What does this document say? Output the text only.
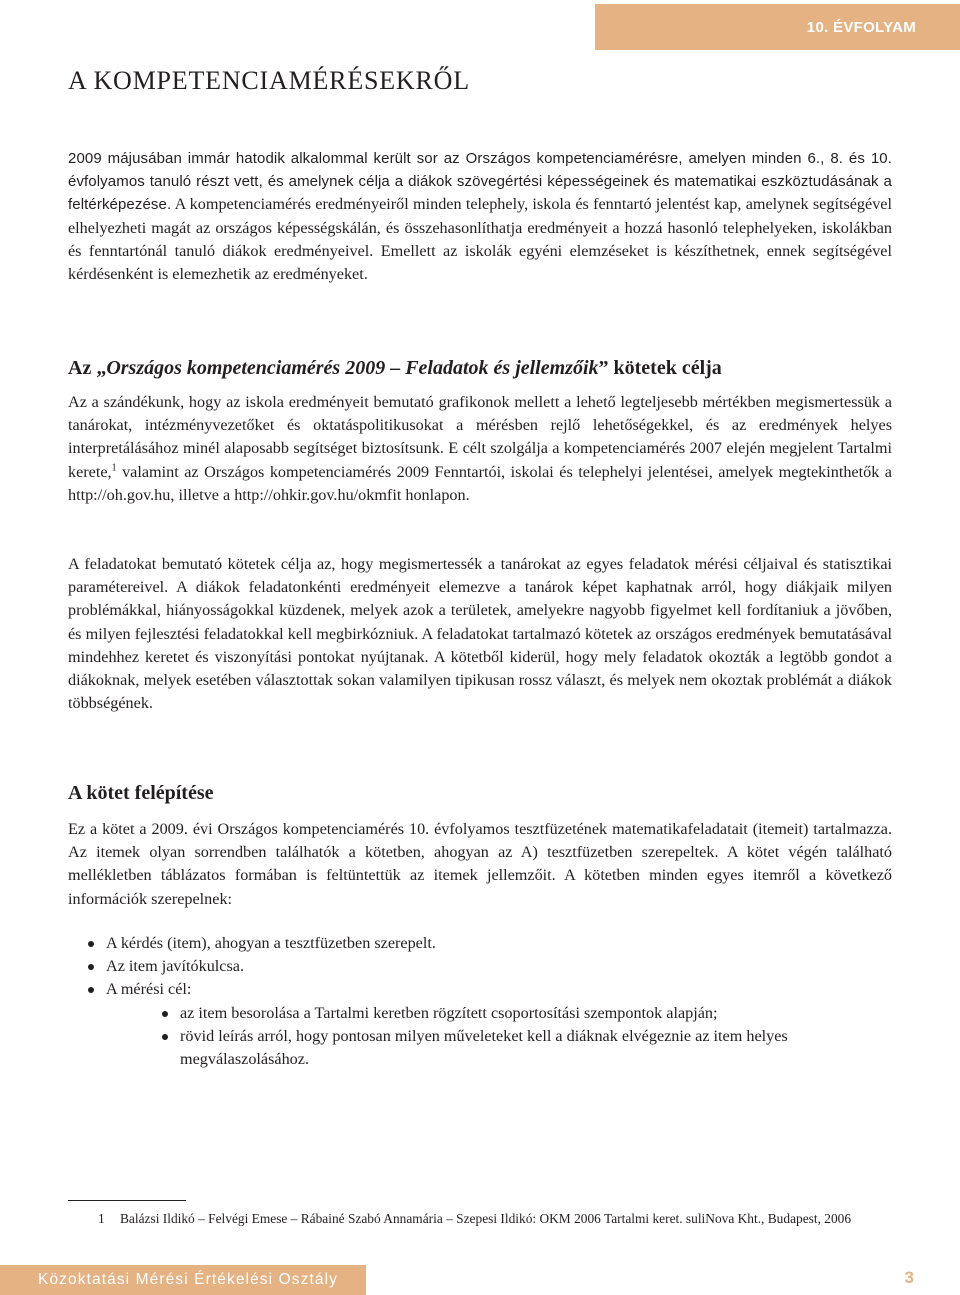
10. ÉVFOLYAM
A KOMPETENCIAMÉRÉSEKRŐL

2009 májusában immár hatodik alkalommal került sor az Országos kompetenciamérésre, amelyen minden 6., 8. és 10. évfolyamos tanuló részt vett, és amelynek célja a diákok szövegértési képességeinek és matematikai eszköztudásának a feltérképezése. A kompetenciamérés eredményeiről minden telephely, iskola és fenntartó jelentést kap, amelynek segítségével elhelyezheti magát az országos képességskálán, és összehasonlíthatja eredményeit a hozzá hasonló telephelyeken, iskolákban és fenntartónál tanuló diákok eredményeivel. Emellett az iskolák egyéni elemzéseket is készíthetnek, ennek segítségével kérdésenként is elemezhetik az eredményeket.

Az „Országos kompetenciamérés 2009 – Feladatok és jellemzőik” kötetek célja

Az a szándékunk, hogy az iskola eredményeit bemutató grafikonok mellett a lehető legteljesebb mértékben megismertessük a tanárokat, intézményvezetőket és oktatáspolitikusokat a mérésben rejlő lehetőségekkel, és az eredmények helyes interpretálásához minél alaposabb segítséget biztosítsunk. E célt szolgálja a kompetenciamérés 2007 elején megjelent Tartalmi kerete,$^1$ valamint az Országos kompetenciamérés 2009 Fenntartói, iskolai és telephelyi jelentései, amelyek megtekinthetők a http://oh.gov.hu, illetve a http://ohkir.gov.hu/okmfit honlapon.

A feladatokat bemutató kötetek célja az, hogy megismertessék a tanárokat az egyes feladatok mérési céljaival és statisztikai paramétereivel. A diákok feladatonkénti eredményeit elemezve a tanárok képet kaphatnak arról, hogy diákjaik milyen problémákkal, hiányosságokkal küzdenek, melyek azok a területek, amelyekre nagyobb figyelmet kell fordítaniuk a jövőben, és milyen fejlesztési feladatokkal kell megbirkózniuk. A feladatokat tartalmazó kötetek az országos eredmények bemutatásával mindehhez keretet és viszonyítási pontokat nyújtanak. A kötetből kiderül, hogy mely feladatok okozták a legtöbb gondot a diákoknak, melyek esetében választottak sokan valamilyen tipikusan rossz választ, és melyek nem okoztak problémát a diákok többségének.

A kötet felépítése

Ez a kötet a 2009. évi Országos kompetenciamérés 10. évfolyamos tesztfüzetének matematikafeladatait (itemeit) tartalmazza. Az itemek olyan sorrendben találhatók a kötetben, ahogyan az A) tesztfüzetben szerepeltek. A kötet végén található mellékletben táblázatos formában is feltüntettük az itemek jellemzőit. A kötetben minden egyes itemről a következő információk szerepelnek:

A kérdés (item), ahogyan a tesztfüzetben szerepelt.
Az item javítókulcsa.
A mérési cél:
az item besorolása a Tartalmi keretben rögzített csoportosítási szempontok alapján;
rövid leírás arról, hogy pontosan milyen műveleteket kell a diáknak elvégeznie az item helyes megválaszolásához.

1 Balázsi Ildikó – Felvégi Emese – Rábainé Szabó Annamária – Szepesi Ildikó: OKM 2006 Tartalmi keret. suliNova Kht., Budapest, 2006

Közoktatási Mérési Értékelési Osztály	3
